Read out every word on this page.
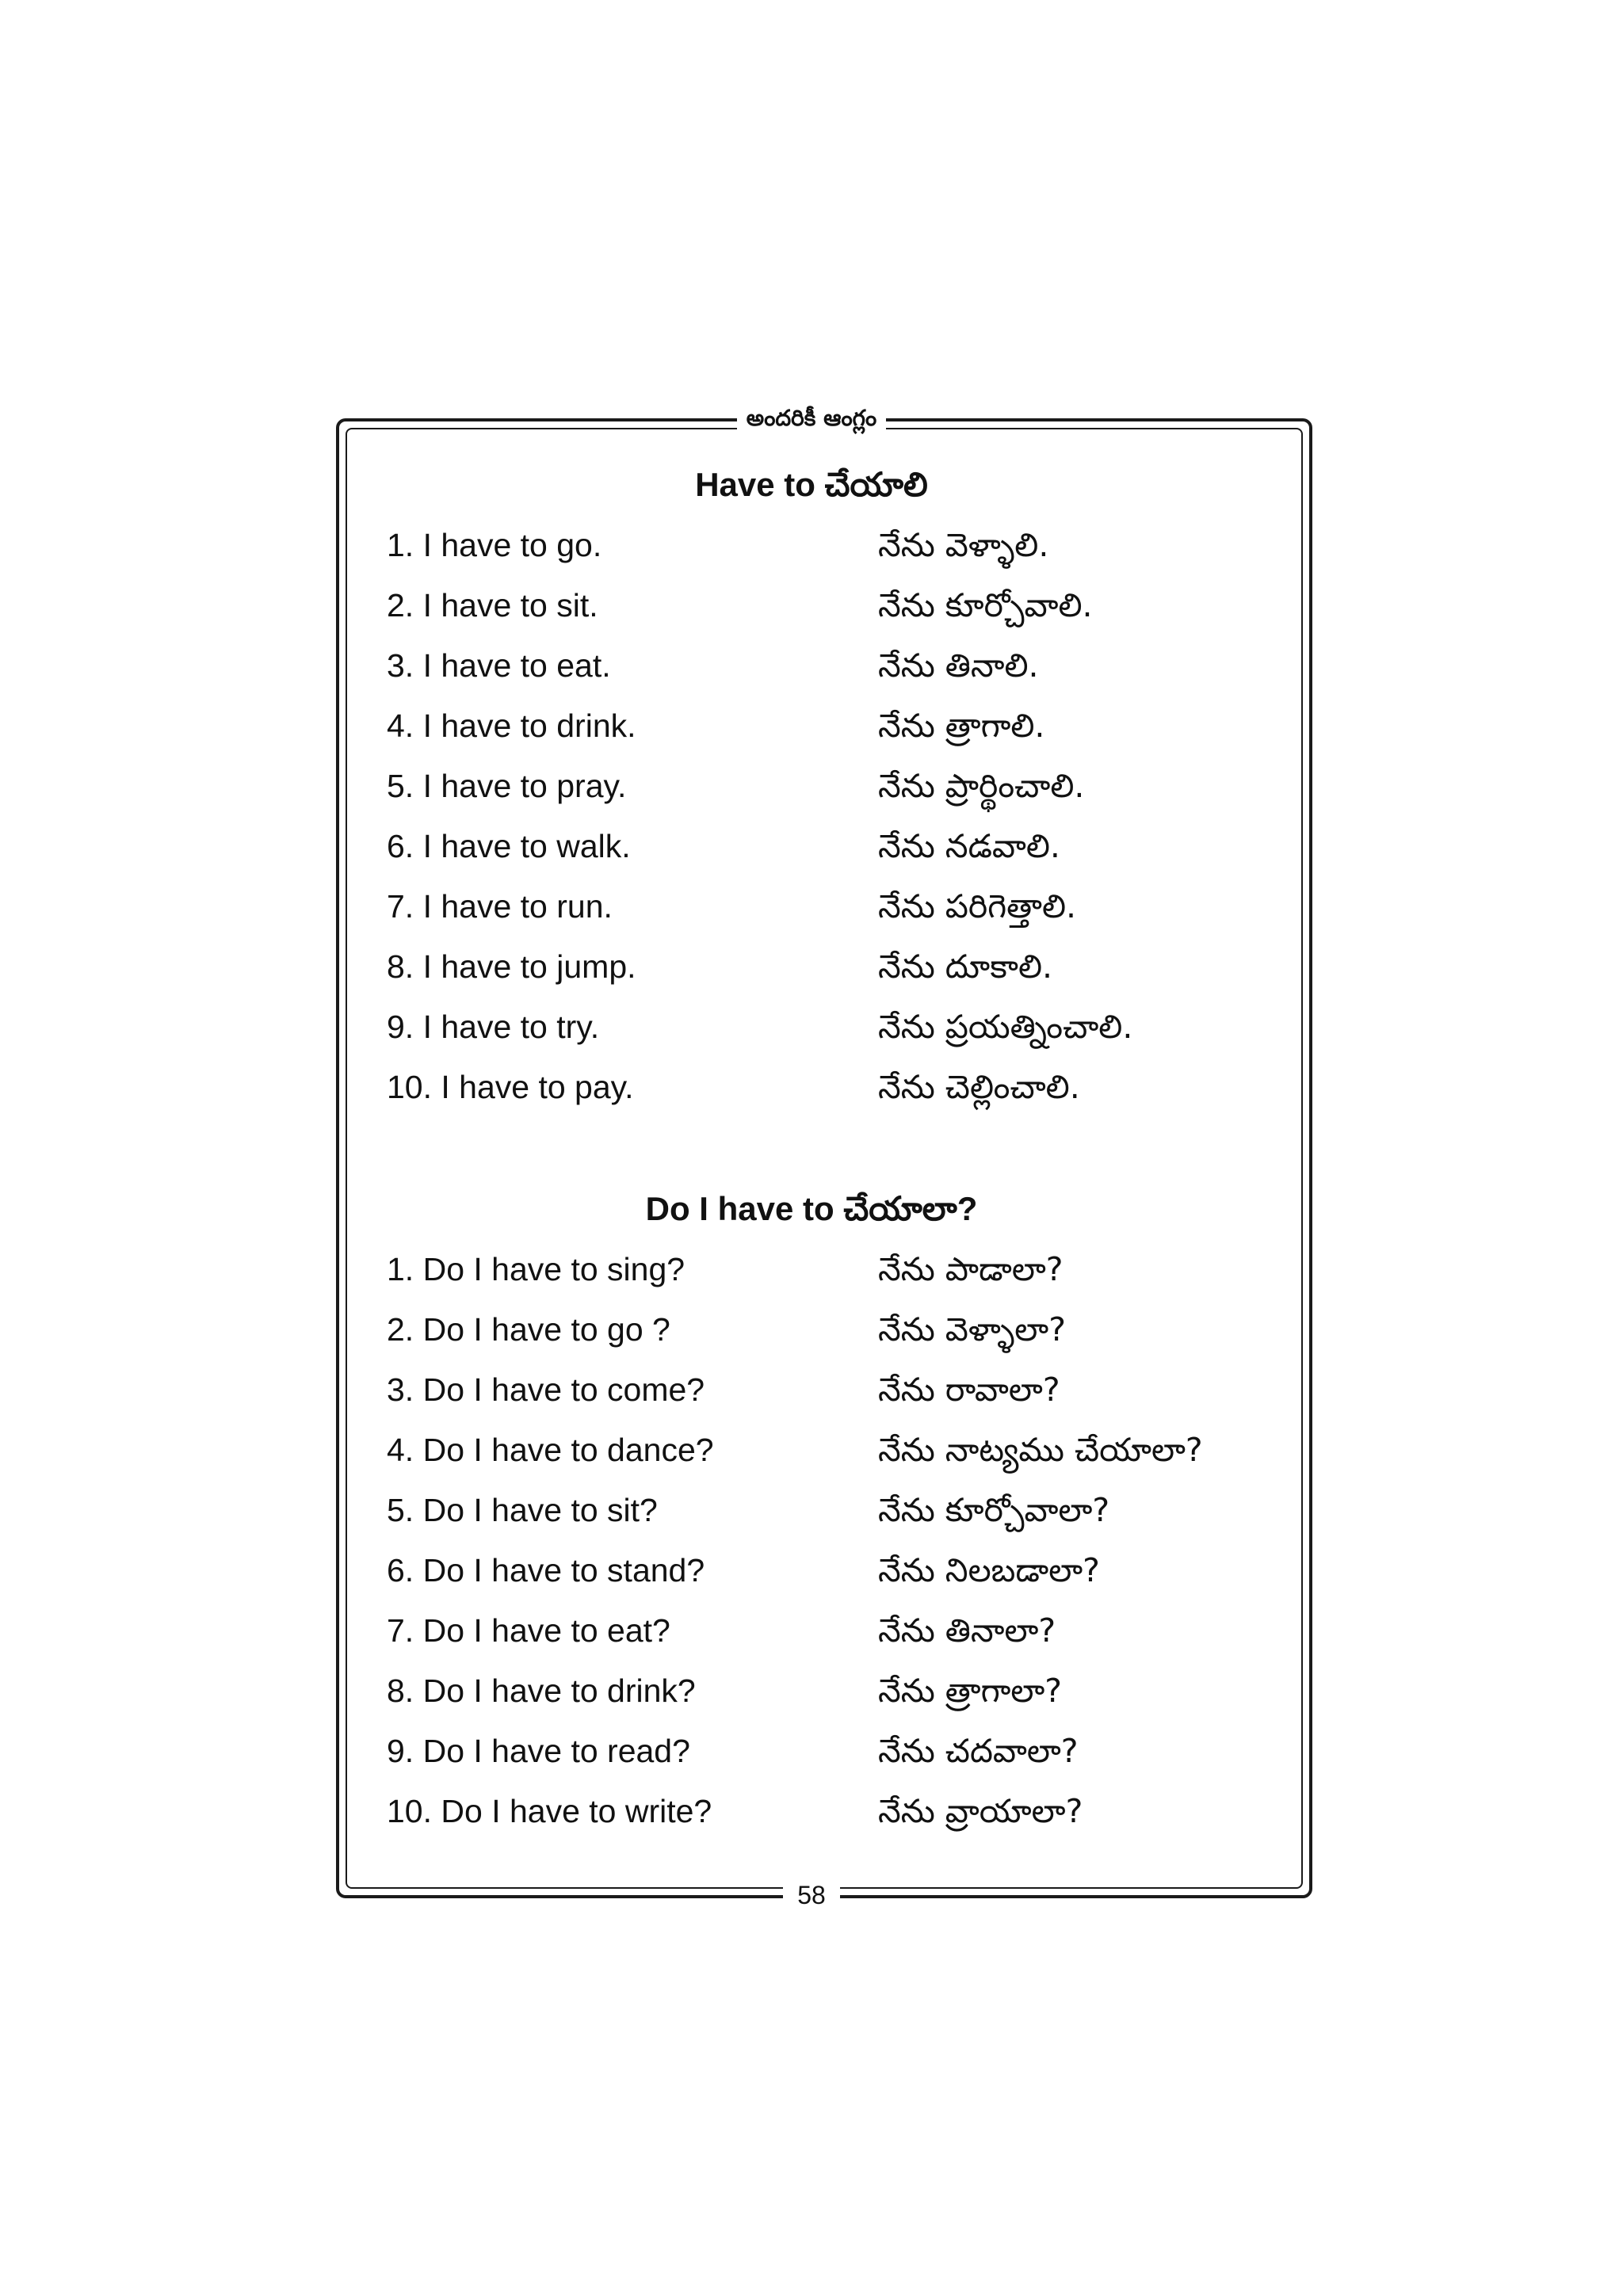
అందరికీ ఆంగ్లం
Have to చేయాలి
1. I have to go.	నేను వెళ్ళాలి.
2. I have to sit.	నేను కూర్చోవాలి.
3. I have to eat.	నేను తినాలి.
4. I have to drink.	నేను త్రాగాలి.
5. I have to pray.	నేను ప్రార్థించాలి.
6. I have to walk.	నేను నడవాలి.
7. I have to run.	నేను పరిగెత్తాలి.
8. I have to jump.	నేను దూకాలి.
9. I have to try.	నేను ప్రయత్నించాలి.
10. I have to pay.	నేను చెల్లించాలి.
Do I have to చేయాలా?
1. Do I have to sing?	నేను పాడాలా?
2. Do I have to go ?	నేను వెళ్ళాలా?
3. Do I have to come?	నేను రావాలా?
4. Do I have to dance?	నేను నాట్యము చేయాలా?
5. Do I have to sit?	నేను కూర్చోవాలా?
6. Do I have to stand?	నేను నిలబడాలా?
7. Do I have to eat?	నేను తినాలా?
8. Do I have to drink?	నేను త్రాగాలా?
9. Do I have to read?	నేను చదవాలా?
10. Do I have to write?	నేను వ్రాయాలా?
58
